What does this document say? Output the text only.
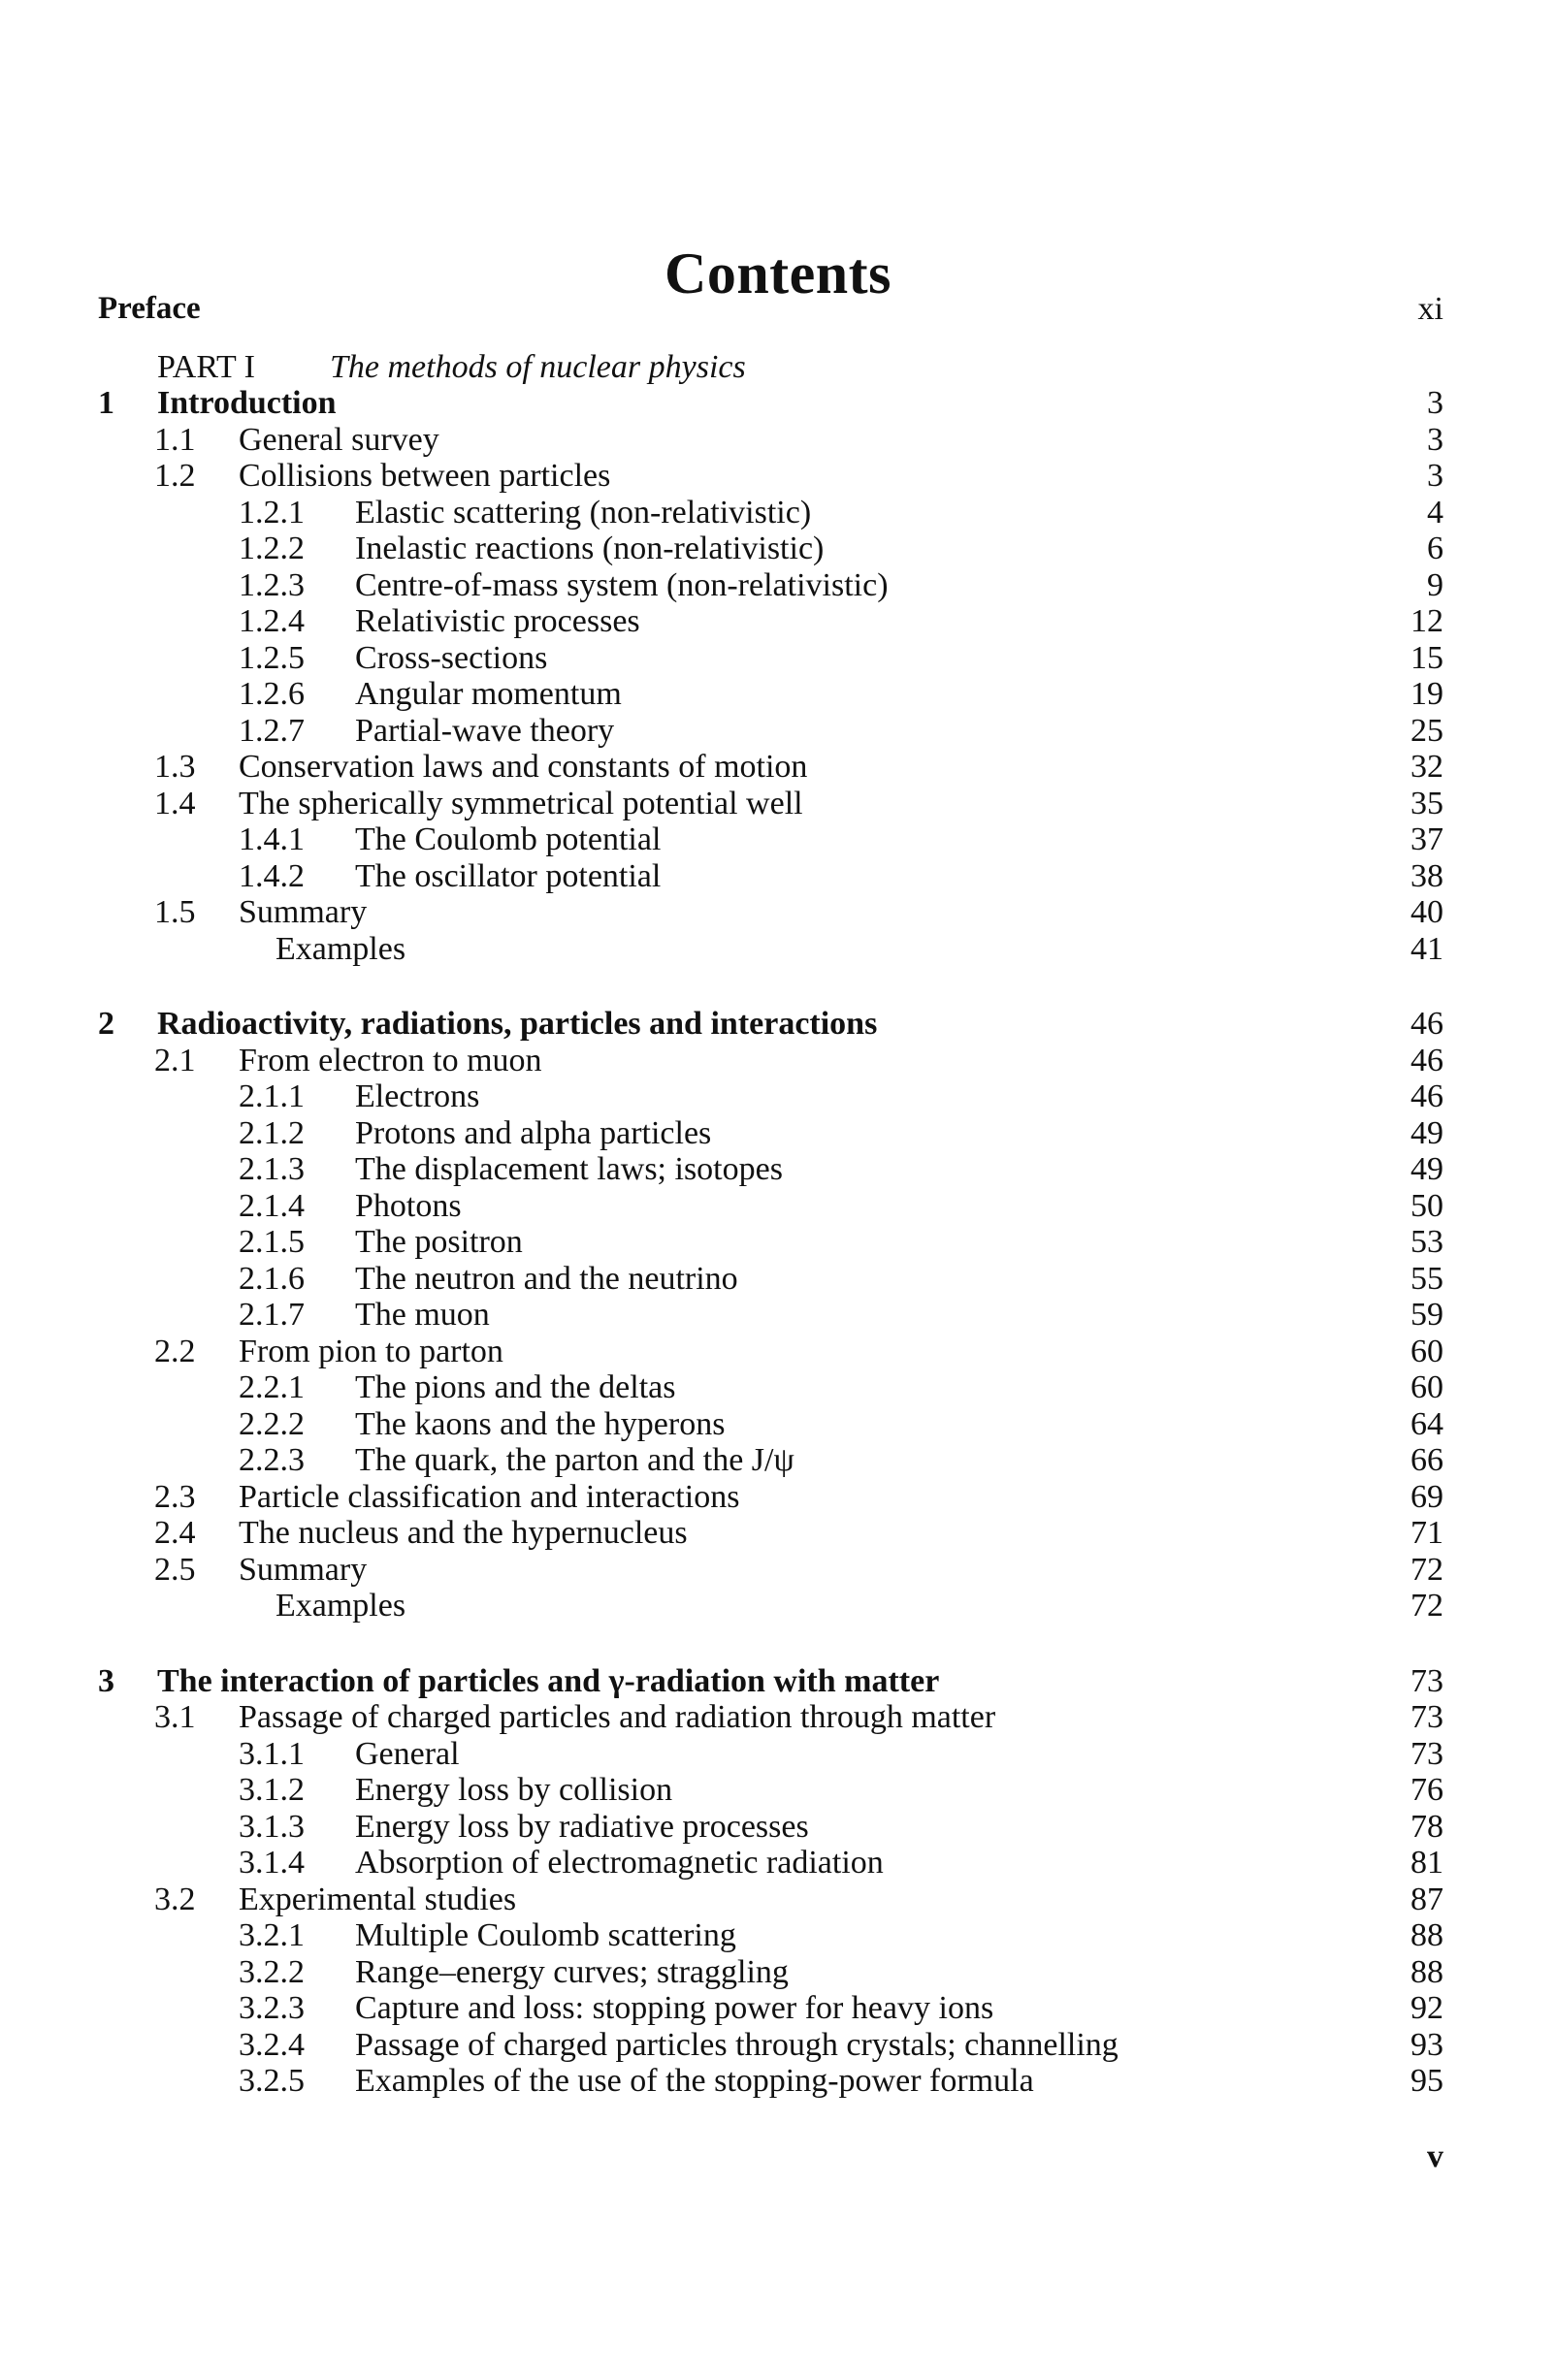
Contents
Preface	xi
PART I The methods of nuclear physics
1 Introduction	3
1.1 General survey	3
1.2 Collisions between particles	3
1.2.1 Elastic scattering (non-relativistic)	4
1.2.2 Inelastic reactions (non-relativistic)	6
1.2.3 Centre-of-mass system (non-relativistic)	9
1.2.4 Relativistic processes	12
1.2.5 Cross-sections	15
1.2.6 Angular momentum	19
1.2.7 Partial-wave theory	25
1.3 Conservation laws and constants of motion	32
1.4 The spherically symmetrical potential well	35
1.4.1 The Coulomb potential	37
1.4.2 The oscillator potential	38
1.5 Summary	40
Examples	41
2 Radioactivity, radiations, particles and interactions	46
2.1 From electron to muon	46
2.1.1 Electrons	46
2.1.2 Protons and alpha particles	49
2.1.3 The displacement laws; isotopes	49
2.1.4 Photons	50
2.1.5 The positron	53
2.1.6 The neutron and the neutrino	55
2.1.7 The muon	59
2.2 From pion to parton	60
2.2.1 The pions and the deltas	60
2.2.2 The kaons and the hyperons	64
2.2.3 The quark, the parton and the J/ψ	66
2.3 Particle classification and interactions	69
2.4 The nucleus and the hypernucleus	71
2.5 Summary	72
Examples	72
3 The interaction of particles and γ-radiation with matter	73
3.1 Passage of charged particles and radiation through matter	73
3.1.1 General	73
3.1.2 Energy loss by collision	76
3.1.3 Energy loss by radiative processes	78
3.1.4 Absorption of electromagnetic radiation	81
3.2 Experimental studies	87
3.2.1 Multiple Coulomb scattering	88
3.2.2 Range–energy curves; straggling	88
3.2.3 Capture and loss: stopping power for heavy ions	92
3.2.4 Passage of charged particles through crystals; channelling	93
3.2.5 Examples of the use of the stopping-power formula	95
v
